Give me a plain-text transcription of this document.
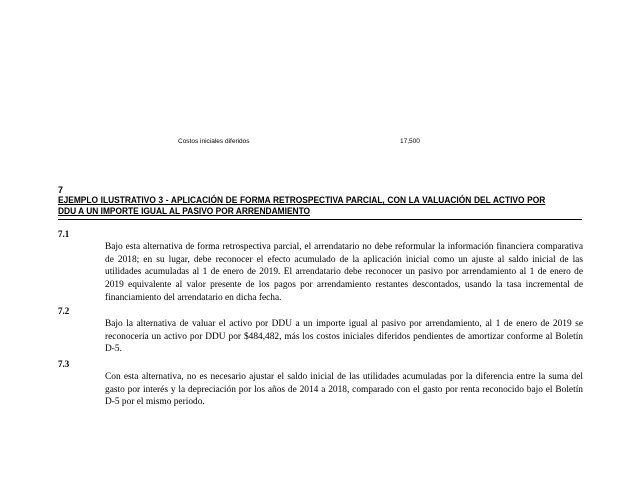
Costos iniciales diferidos	17,500
7
EJEMPLO ILUSTRATIVO 3 - APLICACIÓN DE FORMA RETROSPECTIVA PARCIAL, CON LA VALUACIÓN DEL ACTIVO POR DDU A UN IMPORTE IGUAL AL PASIVO POR ARRENDAMIENTO
7.1
Bajo esta alternativa de forma retrospectiva parcial, el arrendatario no debe reformular la información financiera comparativa de 2018; en su lugar, debe reconocer el efecto acumulado de la aplicación inicial como un ajuste al saldo inicial de las utilidades acumuladas al 1 de enero de 2019. El arrendatario debe reconocer un pasivo por arrendamiento al 1 de enero de 2019 equivalente al valor presente de los pagos por arrendamiento restantes descontados, usando la tasa incremental de financiamiento del arrendatario en dicha fecha.
7.2
Bajo la alternativa de valuar el activo por DDU a un importe igual al pasivo por arrendamiento, al 1 de enero de 2019 se reconocería un activo por DDU por $484,482, más los costos iniciales diferidos pendientes de amortizar conforme al Boletín D-5.
7.3
Con esta alternativa, no es necesario ajustar el saldo inicial de las utilidades acumuladas por la diferencia entre la suma del gasto por interés y la depreciación por los años de 2014 a 2018, comparado con el gasto por renta reconocido bajo el Boletín D-5 por el mismo periodo.
